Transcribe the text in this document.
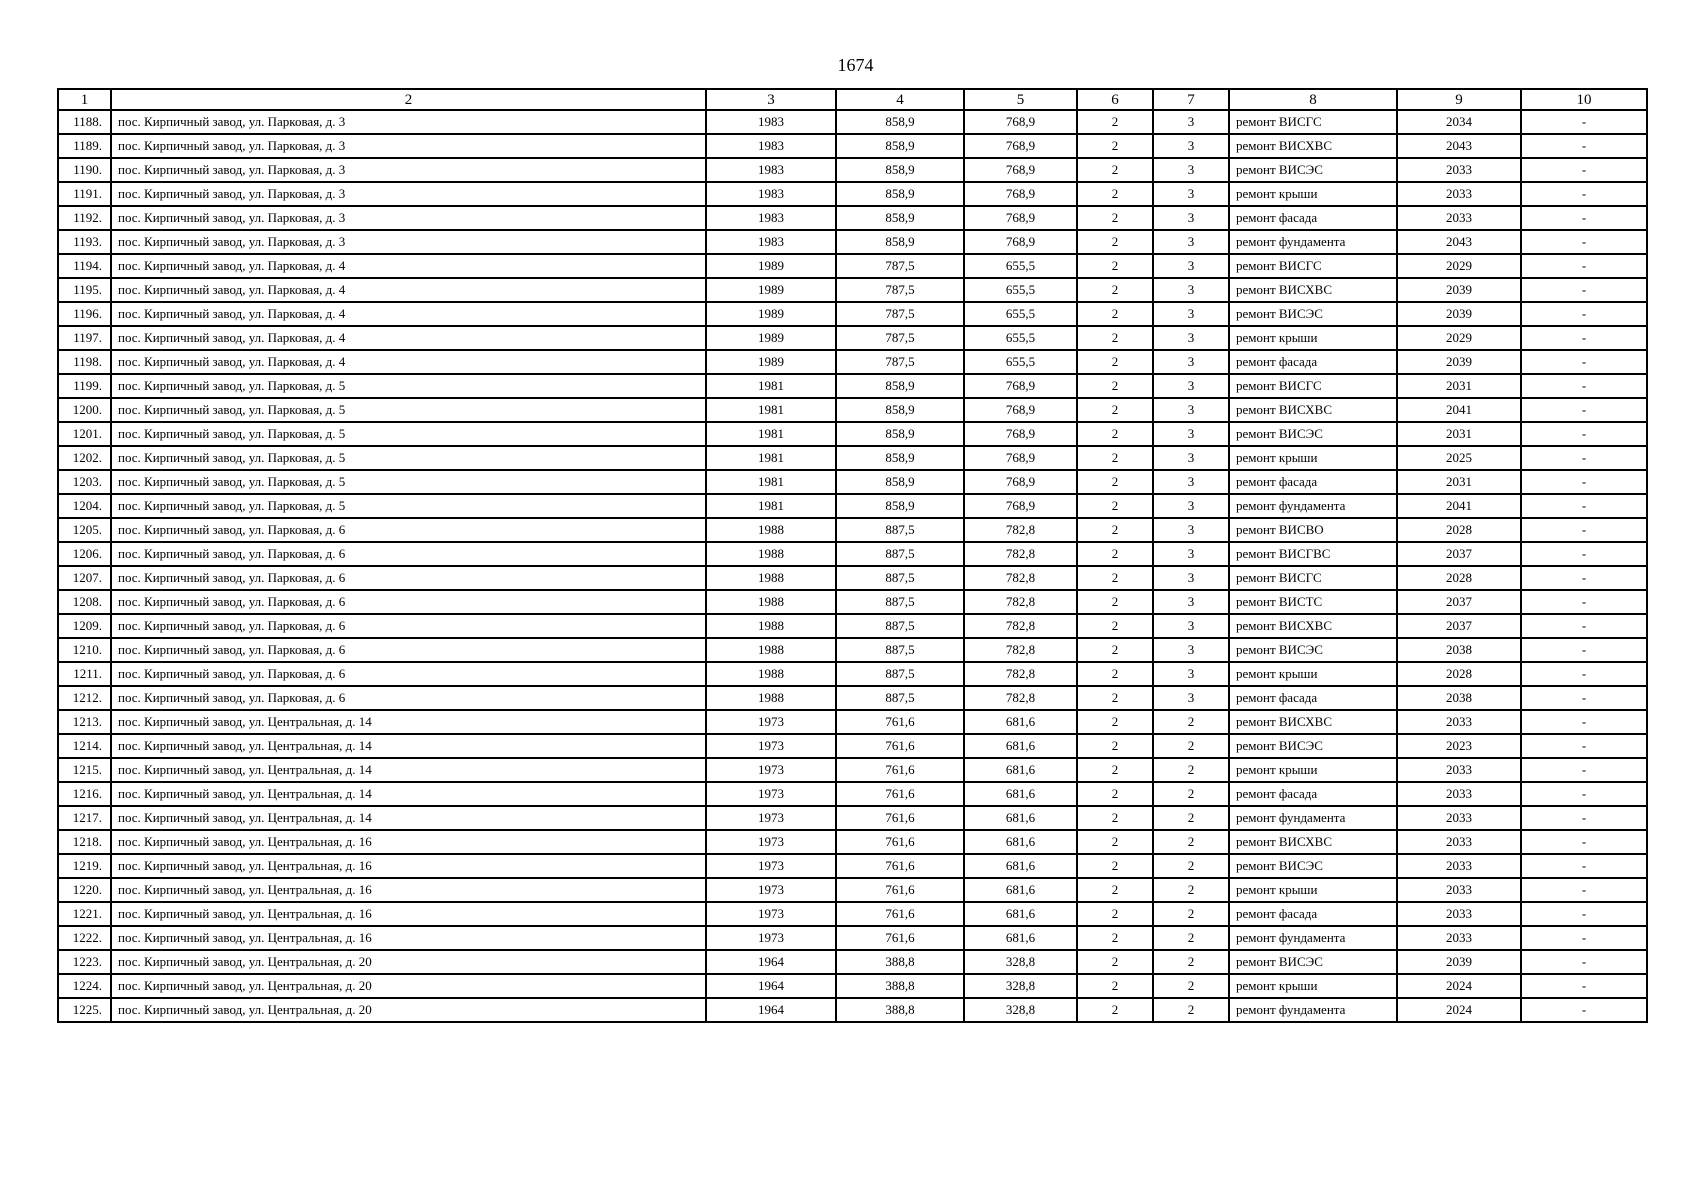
1674
1	2	3	4	5	6	7	8	9	10
1188.	пос. Кирпичный завод, ул. Парковая, д. 3	1983	858,9	768,9	2	3	ремонт ВИСГС	2034	-
1189.	пос. Кирпичный завод, ул. Парковая, д. 3	1983	858,9	768,9	2	3	ремонт ВИСХВС	2043	-
1190.	пос. Кирпичный завод, ул. Парковая, д. 3	1983	858,9	768,9	2	3	ремонт ВИСЭС	2033	-
1191.	пос. Кирпичный завод, ул. Парковая, д. 3	1983	858,9	768,9	2	3	ремонт крыши	2033	-
1192.	пос. Кирпичный завод, ул. Парковая, д. 3	1983	858,9	768,9	2	3	ремонт фасада	2033	-
1193.	пос. Кирпичный завод, ул. Парковая, д. 3	1983	858,9	768,9	2	3	ремонт фундамента	2043	-
1194.	пос. Кирпичный завод, ул. Парковая, д. 4	1989	787,5	655,5	2	3	ремонт ВИСГС	2029	-
1195.	пос. Кирпичный завод, ул. Парковая, д. 4	1989	787,5	655,5	2	3	ремонт ВИСХВС	2039	-
1196.	пос. Кирпичный завод, ул. Парковая, д. 4	1989	787,5	655,5	2	3	ремонт ВИСЭС	2039	-
1197.	пос. Кирпичный завод, ул. Парковая, д. 4	1989	787,5	655,5	2	3	ремонт крыши	2029	-
1198.	пос. Кирпичный завод, ул. Парковая, д. 4	1989	787,5	655,5	2	3	ремонт фасада	2039	-
1199.	пос. Кирпичный завод, ул. Парковая, д. 5	1981	858,9	768,9	2	3	ремонт ВИСГС	2031	-
1200.	пос. Кирпичный завод, ул. Парковая, д. 5	1981	858,9	768,9	2	3	ремонт ВИСХВС	2041	-
1201.	пос. Кирпичный завод, ул. Парковая, д. 5	1981	858,9	768,9	2	3	ремонт ВИСЭС	2031	-
1202.	пос. Кирпичный завод, ул. Парковая, д. 5	1981	858,9	768,9	2	3	ремонт крыши	2025	-
1203.	пос. Кирпичный завод, ул. Парковая, д. 5	1981	858,9	768,9	2	3	ремонт фасада	2031	-
1204.	пос. Кирпичный завод, ул. Парковая, д. 5	1981	858,9	768,9	2	3	ремонт фундамента	2041	-
1205.	пос. Кирпичный завод, ул. Парковая, д. 6	1988	887,5	782,8	2	3	ремонт ВИСВО	2028	-
1206.	пос. Кирпичный завод, ул. Парковая, д. 6	1988	887,5	782,8	2	3	ремонт ВИСГВС	2037	-
1207.	пос. Кирпичный завод, ул. Парковая, д. 6	1988	887,5	782,8	2	3	ремонт ВИСГС	2028	-
1208.	пос. Кирпичный завод, ул. Парковая, д. 6	1988	887,5	782,8	2	3	ремонт ВИСТС	2037	-
1209.	пос. Кирпичный завод, ул. Парковая, д. 6	1988	887,5	782,8	2	3	ремонт ВИСХВС	2037	-
1210.	пос. Кирпичный завод, ул. Парковая, д. 6	1988	887,5	782,8	2	3	ремонт ВИСЭС	2038	-
1211.	пос. Кирпичный завод, ул. Парковая, д. 6	1988	887,5	782,8	2	3	ремонт крыши	2028	-
1212.	пос. Кирпичный завод, ул. Парковая, д. 6	1988	887,5	782,8	2	3	ремонт фасада	2038	-
1213.	пос. Кирпичный завод, ул. Центральная, д. 14	1973	761,6	681,6	2	2	ремонт ВИСХВС	2033	-
1214.	пос. Кирпичный завод, ул. Центральная, д. 14	1973	761,6	681,6	2	2	ремонт ВИСЭС	2023	-
1215.	пос. Кирпичный завод, ул. Центральная, д. 14	1973	761,6	681,6	2	2	ремонт крыши	2033	-
1216.	пос. Кирпичный завод, ул. Центральная, д. 14	1973	761,6	681,6	2	2	ремонт фасада	2033	-
1217.	пос. Кирпичный завод, ул. Центральная, д. 14	1973	761,6	681,6	2	2	ремонт фундамента	2033	-
1218.	пос. Кирпичный завод, ул. Центральная, д. 16	1973	761,6	681,6	2	2	ремонт ВИСХВС	2033	-
1219.	пос. Кирпичный завод, ул. Центральная, д. 16	1973	761,6	681,6	2	2	ремонт ВИСЭС	2033	-
1220.	пос. Кирпичный завод, ул. Центральная, д. 16	1973	761,6	681,6	2	2	ремонт крыши	2033	-
1221.	пос. Кирпичный завод, ул. Центральная, д. 16	1973	761,6	681,6	2	2	ремонт фасада	2033	-
1222.	пос. Кирпичный завод, ул. Центральная, д. 16	1973	761,6	681,6	2	2	ремонт фундамента	2033	-
1223.	пос. Кирпичный завод, ул. Центральная, д. 20	1964	388,8	328,8	2	2	ремонт ВИСЭС	2039	-
1224.	пос. Кирпичный завод, ул. Центральная, д. 20	1964	388,8	328,8	2	2	ремонт крыши	2024	-
1225.	пос. Кирпичный завод, ул. Центральная, д. 20	1964	388,8	328,8	2	2	ремонт фундамента	2024	-
